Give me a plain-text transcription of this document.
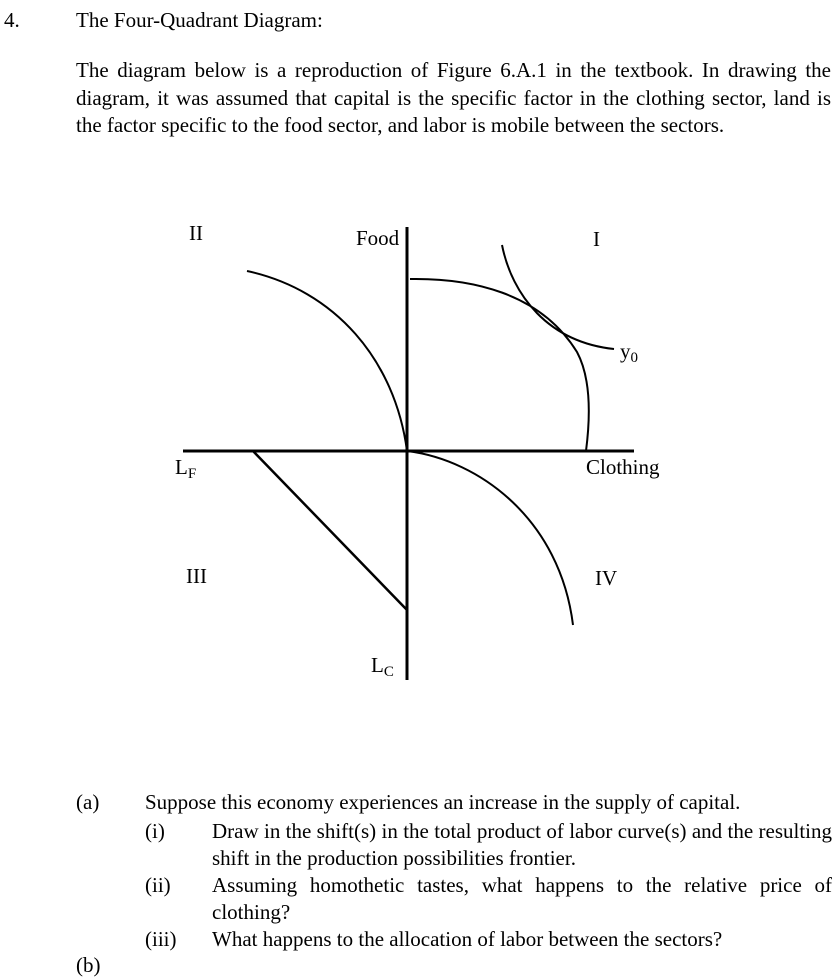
4.	The Four-Quadrant Diagram:
The diagram below is a reproduction of Figure 6.A.1 in the textbook. In drawing the diagram, it was assumed that capital is the specific factor in the clothing sector, land is the factor specific to the food sector, and labor is mobile between the sectors.
II	I
III	IV
Food
Clothing
LF
LC
y0
(a) Suppose this economy experiences an increase in the supply of capital.
(i) Draw in the shift(s) in the total product of labor curve(s) and the resulting shift in the production possibilities frontier.
(ii) Assuming homothetic tastes, what happens to the relative price of clothing?
(iii) What happens to the allocation of labor between the sectors?
(b)
